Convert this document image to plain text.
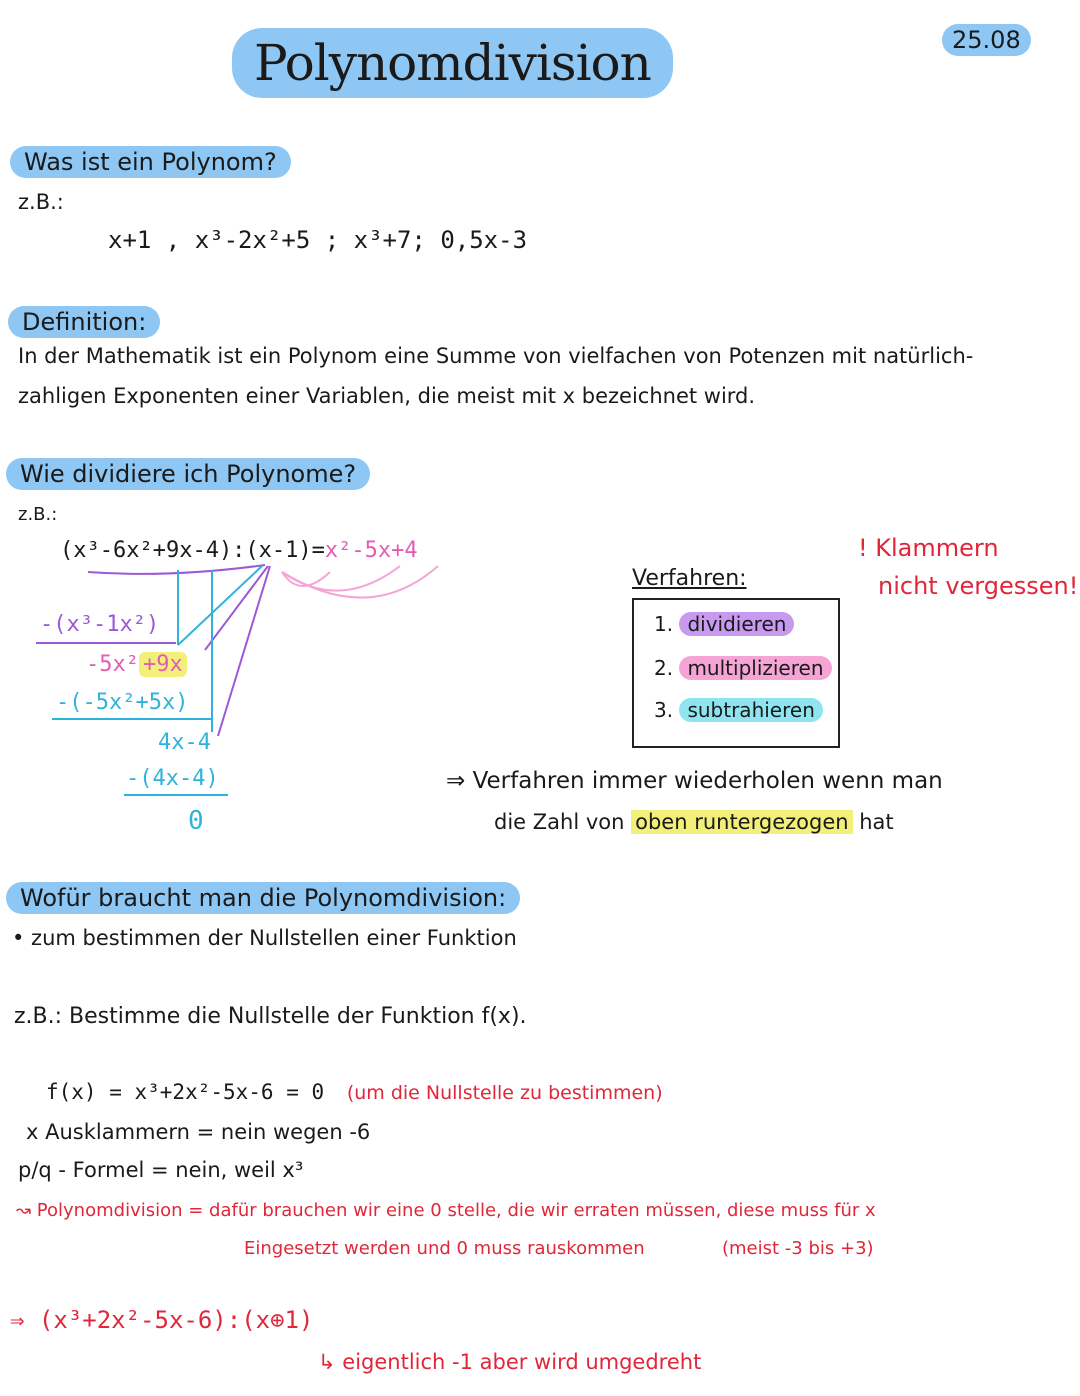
Polynomdivision	25.08
Was ist ein Polynom?
z.B.:
x+1 , x³-2x²+5 ; x³+7; 0,5x-3
Definition:
In der Mathematik ist ein Polynom eine Summe von vielfachen von Potenzen mit natürlich-
zahligen Exponenten einer Variablen, die meist mit x bezeichnet wird.
Wie dividiere ich Polynome?
z.B.:
(x³-6x²+9x-4):(x-1)=x²-5x+4
-(x³-1x²)
-5x² +9x
-(-5x²+5x)
4x-4
-(4x-4)
0
! Klammern
nicht vergessen!
Verfahren:
1. dividieren
2. multiplizieren
3. subtrahieren
⇒ Verfahren immer wiederholen wenn man
die Zahl von oben runtergezogen hat
Wofür braucht man die Polynomdivision:
• zum bestimmen der Nullstellen einer Funktion
z.B.: Bestimme die Nullstelle der Funktion f(x).
f(x) = x³+2x²-5x-6 = 0 (um die Nullstelle zu bestimmen)
x Ausklammern = nein wegen -6
p/q - Formel = nein, weil x³
↝ Polynomdivision = dafür brauchen wir eine 0 stelle, die wir erraten müssen, diese muss für x
Eingesetzt werden und 0 muss rauskommen	(meist -3 bis +3)
⇒ (x³+2x²-5x-6):(x⊕1)
↳ eigentlich -1 aber wird umgedreht
